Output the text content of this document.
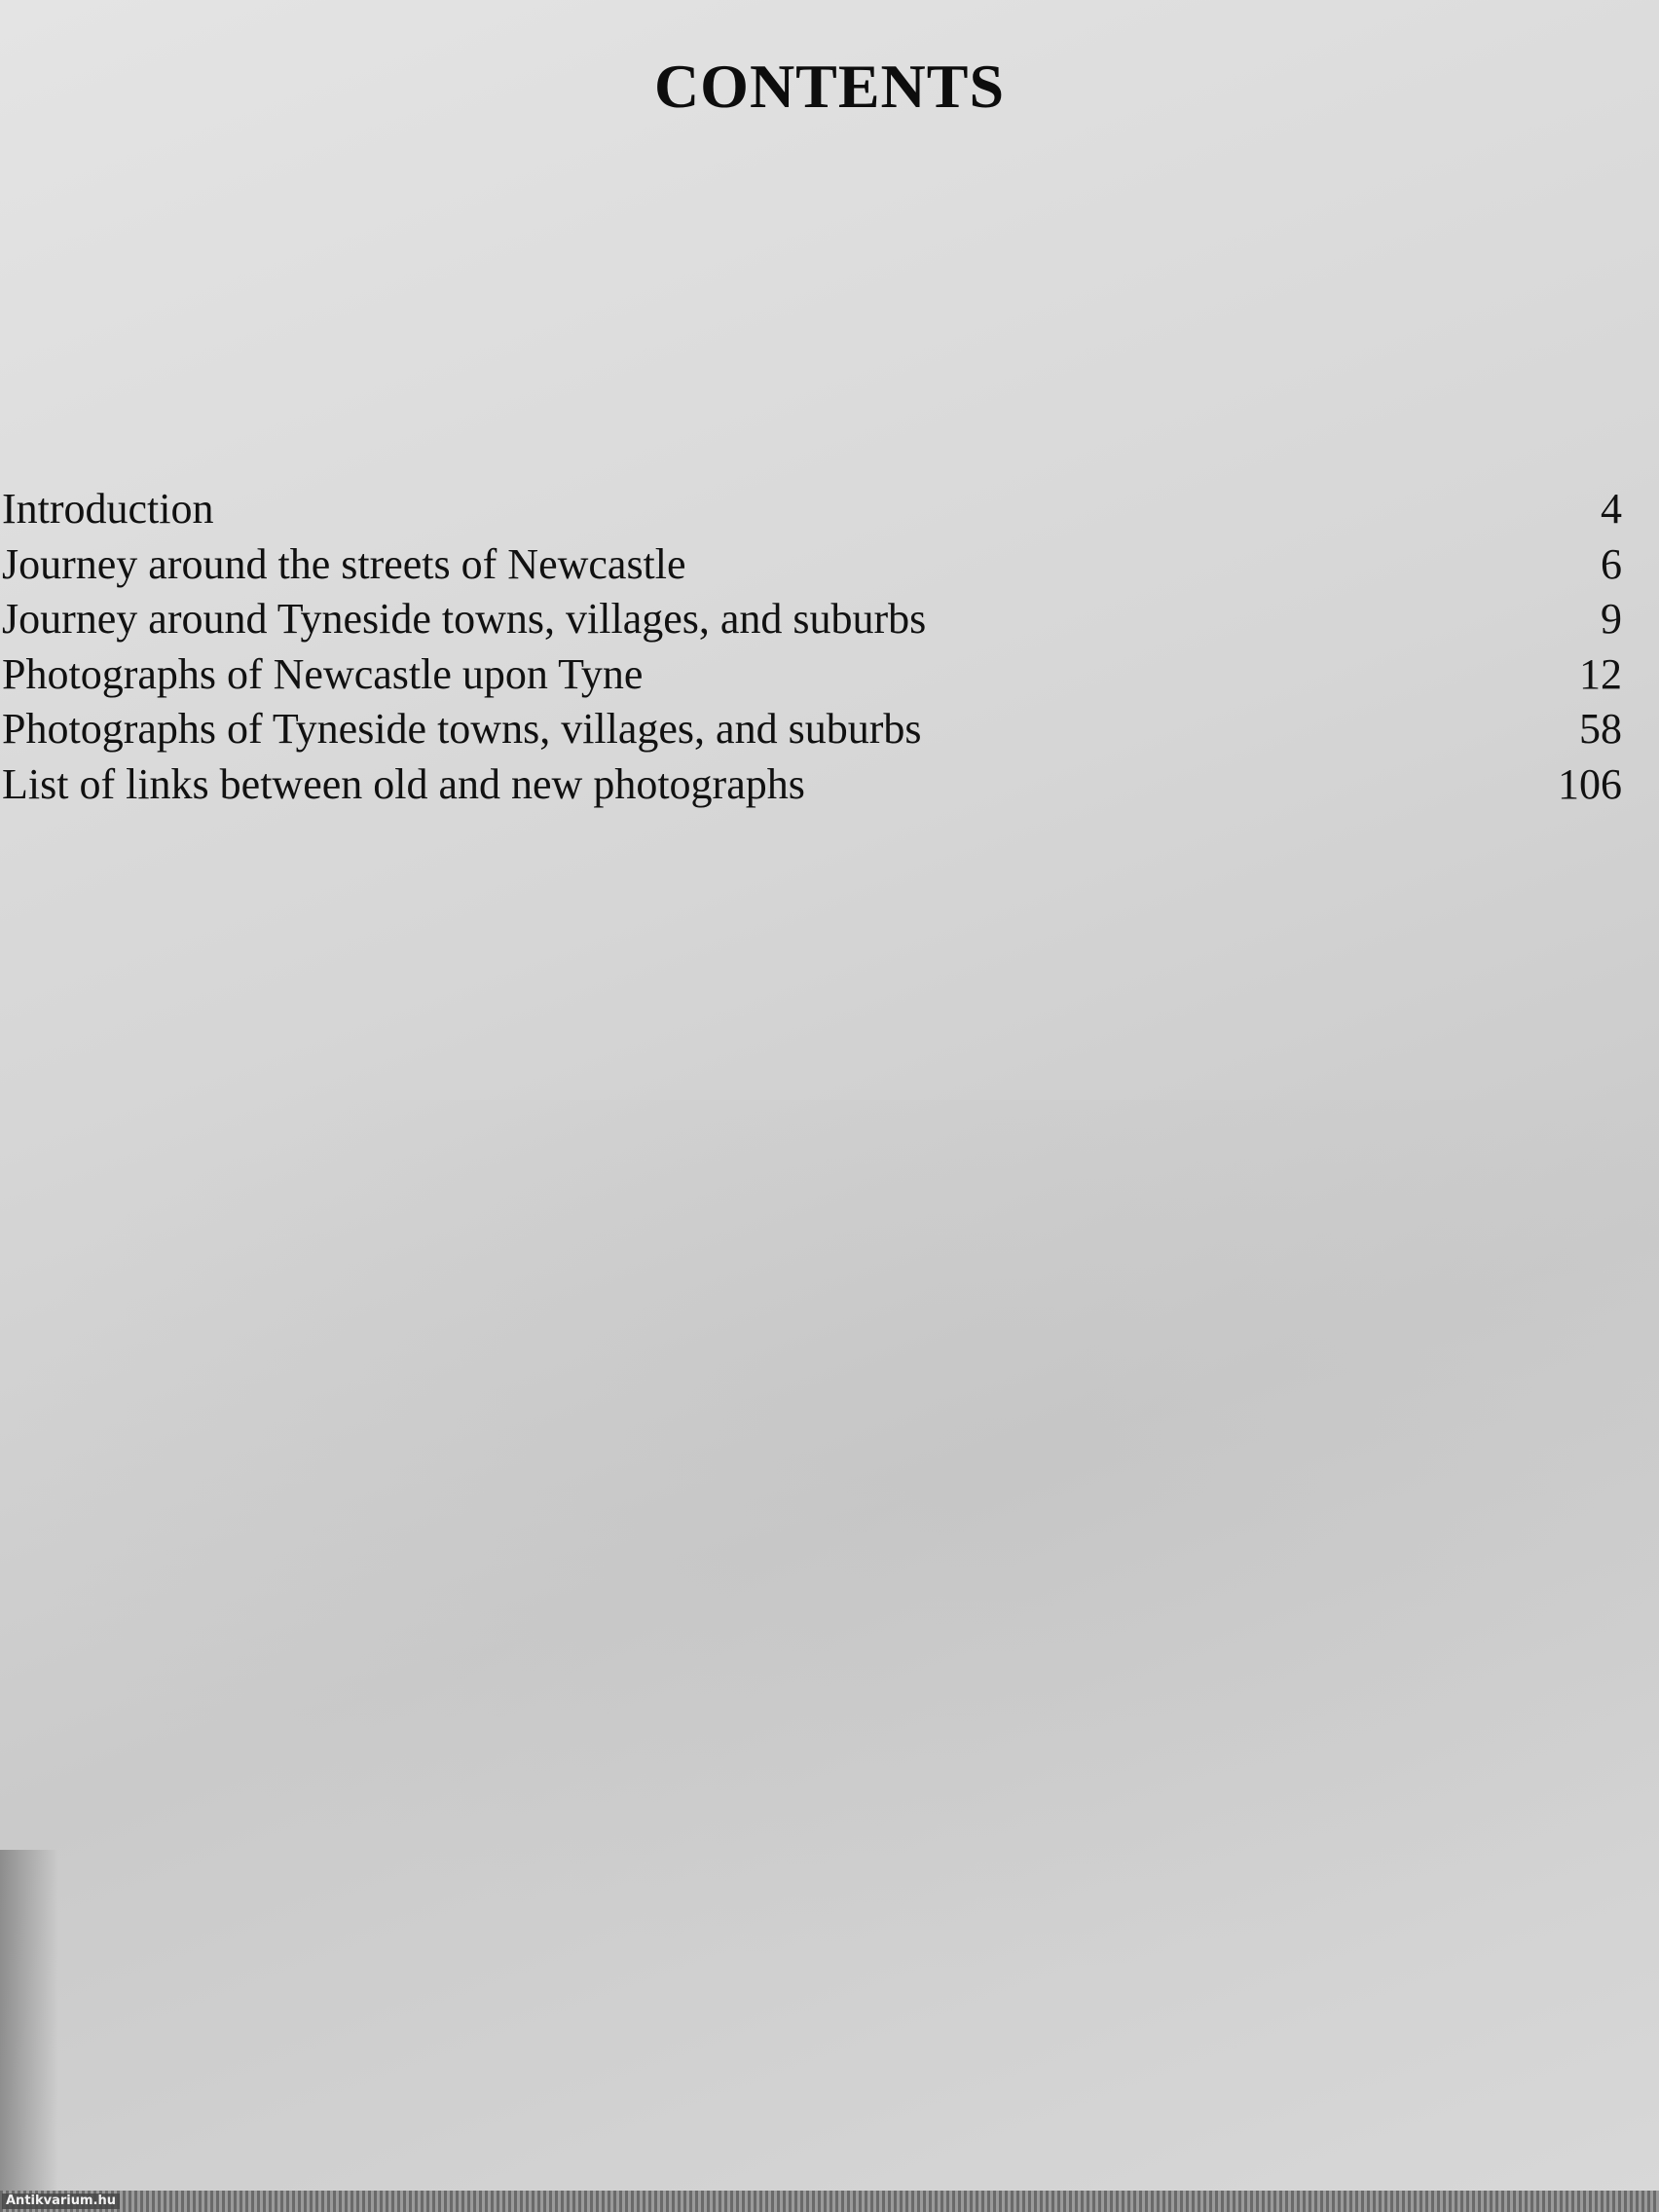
CONTENTS
Introduction	4
Journey around the streets of Newcastle	6
Journey around Tyneside towns, villages, and suburbs	9
Photographs of Newcastle upon Tyne	12
Photographs of Tyneside towns, villages, and suburbs	58
List of links between old and new photographs	106
Antikvarium.hu
